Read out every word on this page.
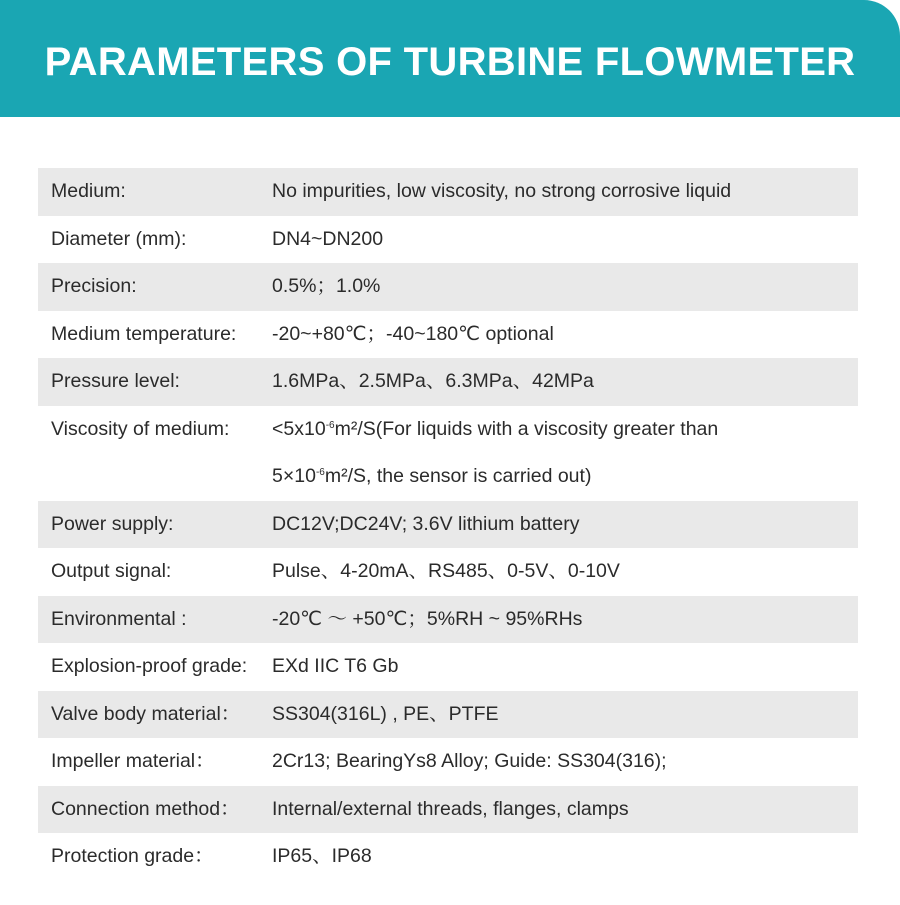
PARAMETERS OF TURBINE FLOWMETER
Medium:	No impurities, low viscosity, no strong corrosive liquid
Diameter (mm):	DN4~DN200
Precision:	0.5%；1.0%
Medium temperature:	-20~+80℃；-40~180℃ optional
Pressure level:	1.6MPa、2.5MPa、6.3MPa、42MPa
Viscosity of medium:	$<5x10^{-6}m^2/S(For$ liquids with a viscosity greater than
$5\times 10^{-6}m^2/S$, the sensor is carried out)
Power supply:	DC12V;DC24V; 3.6V lithium battery
Output signal:	Pulse、4-20mA、RS485、0-5V、0-10V
Environmental :	-20℃ ～ +50℃；5%RH ~ 95%RHs
Explosion-proof grade:	EXd IIC T6 Gb
Valve body material：	SS304(316L) , PE、PTFE
Impeller material：	2Cr13; BearingYs8 Alloy; Guide: SS304(316);
Connection method：	Internal/external threads, flanges, clamps
Protection grade：	IP65、IP68
